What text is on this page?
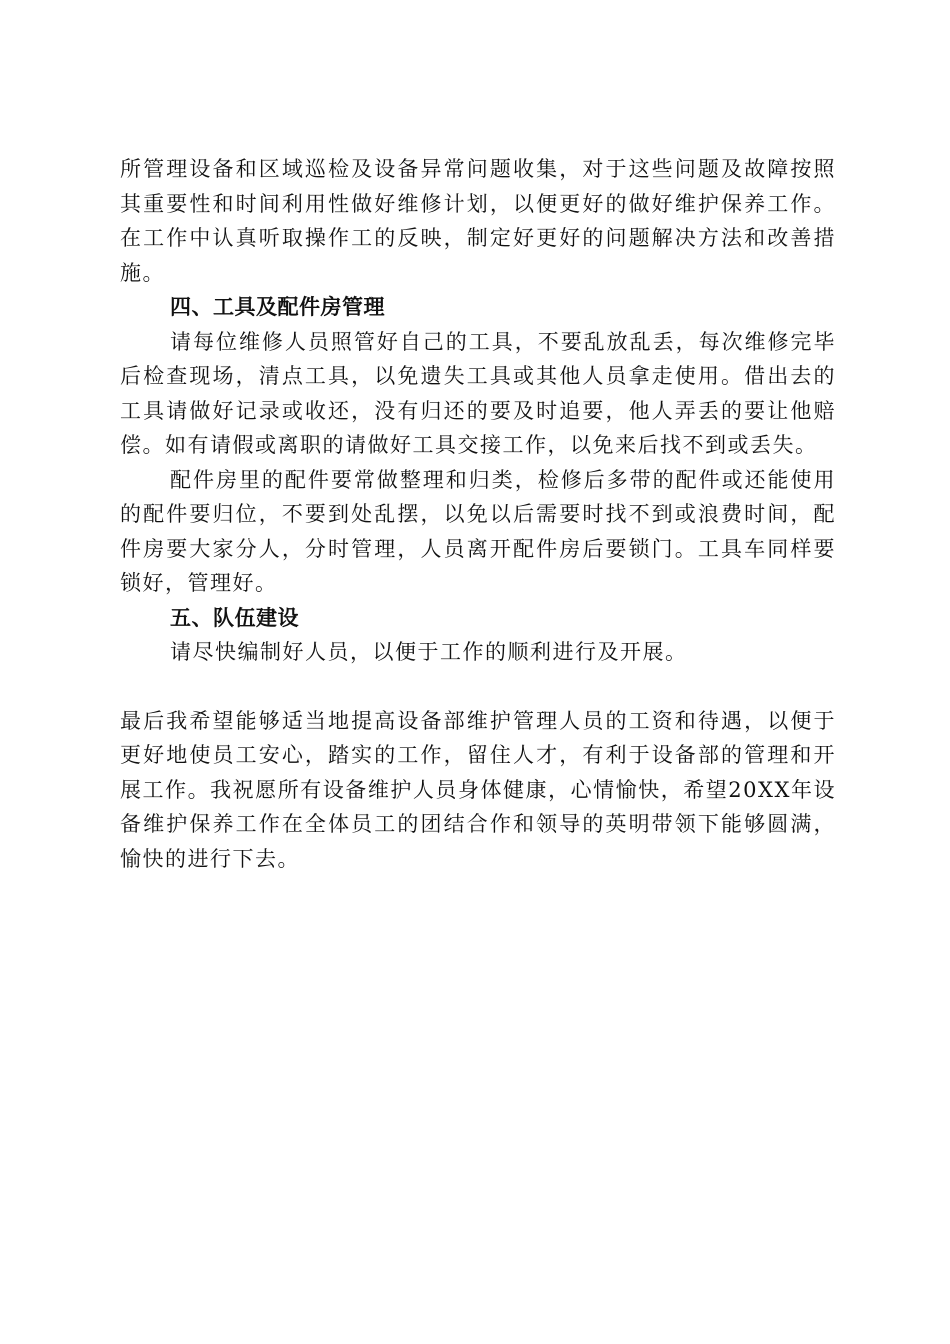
所管理设备和区域巡检及设备异常问题收集，对于这些问题及故障按照其重要性和时间利用性做好维修计划，以便更好的做好维护保养工作。在工作中认真听取操作工的反映，制定好更好的问题解决方法和改善措施。

四、工具及配件房管理

请每位维修人员照管好自己的工具，不要乱放乱丢，每次维修完毕后检查现场，清点工具，以免遗失工具或其他人员拿走使用。借出去的工具请做好记录或收还，没有归还的要及时追要，他人弄丢的要让他赔偿。如有请假或离职的请做好工具交接工作，以免来后找不到或丢失。

配件房里的配件要常做整理和归类，检修后多带的配件或还能使用的配件要归位，不要到处乱摆，以免以后需要时找不到或浪费时间，配件房要大家分人，分时管理，人员离开配件房后要锁门。工具车同样要锁好，管理好。

五、队伍建设

请尽快编制好人员，以便于工作的顺利进行及开展。

最后我希望能够适当地提高设备部维护管理人员的工资和待遇，以便于更好地使员工安心，踏实的工作，留住人才，有利于设备部的管理和开展工作。我祝愿所有设备维护人员身体健康，心情愉快，希望20XX年设备维护保养工作在全体员工的团结合作和领导的英明带领下能够圆满，愉快的进行下去。
